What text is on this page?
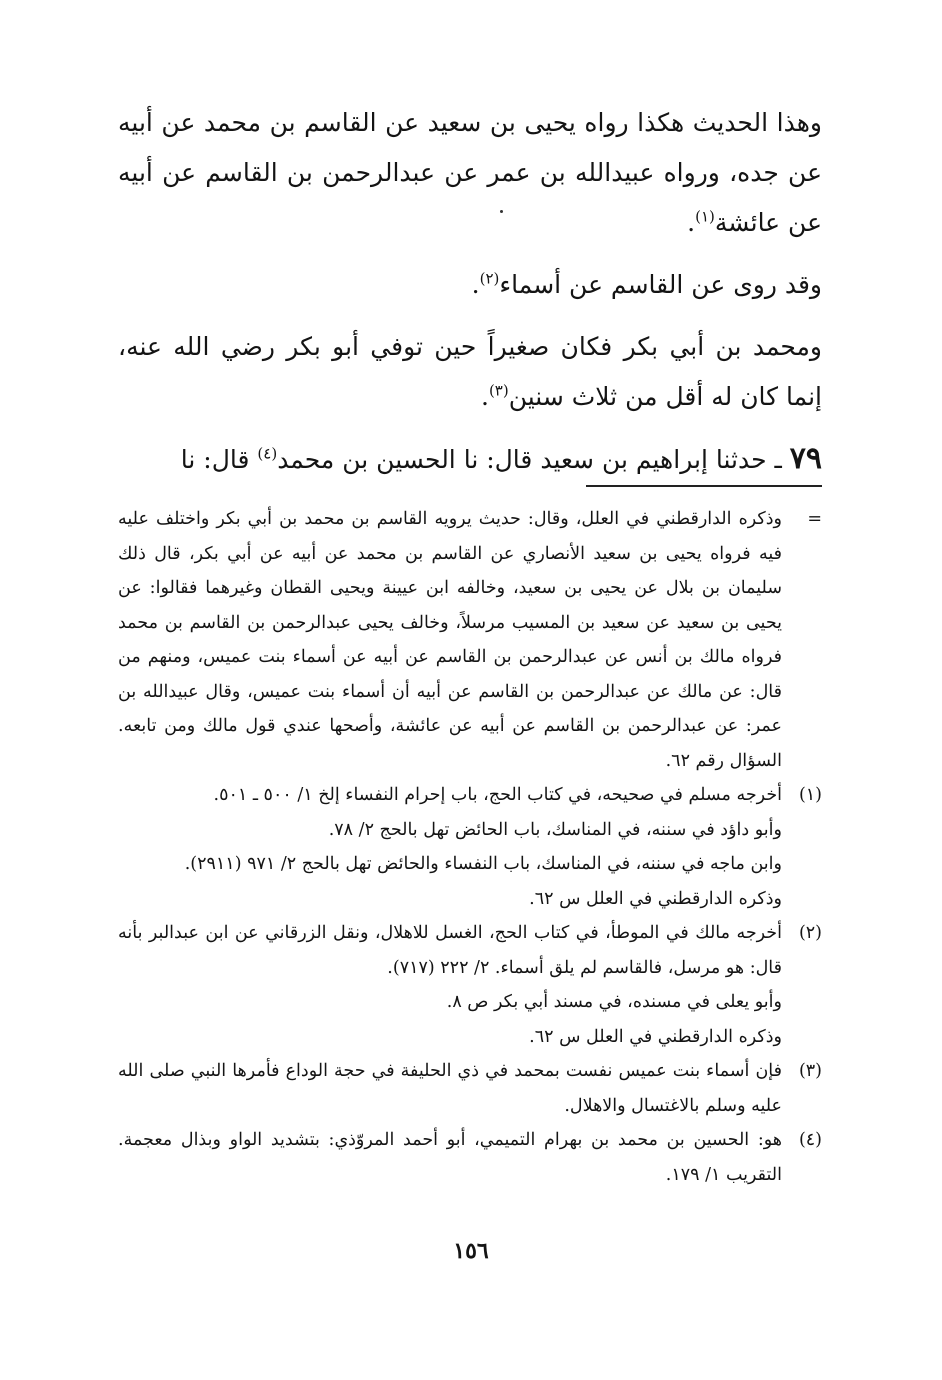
وهذا الحديث هكذا رواه يحيى بن سعيد عن القاسم بن محمد عن أبيه عن جده، ورواه عبيدالله بن عمر عن عبدالرحمن بن القاسم عن أبيه عن عائشة$^{(١)}$.

وقد روى عن القاسم عن أسماء$^{(٢)}$.

ومحمد بن أبي بكر فكان صغيراً حين توفي أبو بكر رضي الله عنه، إنما كان له أقل من ثلاث سنين$^{(٣)}$.

٧٩ ـ حدثنا إبراهيم بن سعيد قال: نا الحسين بن محمد$^{(٤)}$ قال: نا

=

وذكره الدارقطني في العلل، وقال: حديث يرويه القاسم بن محمد بن أبي بكر واختلف عليه فيه فرواه يحيى بن سعيد الأنصاري عن القاسم بن محمد عن أبيه عن أبي بكر، قال ذلك سليمان بن بلال عن يحيى بن سعيد، وخالفه ابن عيينة ويحيى القطان وغيرهما فقالوا: عن يحيى بن سعيد عن سعيد بن المسيب مرسلاً، وخالف يحيى عبدالرحمن بن القاسم بن محمد فرواه مالك بن أنس عن عبدالرحمن بن القاسم عن أبيه عن أسماء بنت عميس، ومنهم من قال: عن مالك عن عبدالرحمن بن القاسم عن أبيه أن أسماء بنت عميس، وقال عبيدالله بن عمر: عن عبدالرحمن بن القاسم عن أبيه عن عائشة، وأصحها عندي قول مالك ومن تابعه. السؤال رقم ٦٢.

(١)

أخرجه مسلم في صحيحه، في كتاب الحج، باب إحرام النفساء إلخ ١/ ٥٠٠ ـ ٥٠١.

وأبو داؤد في سننه، في المناسك، باب الحائض تهل بالحج ٢/ ٧٨.

وابن ماجه في سننه، في المناسك، باب النفساء والحائض تهل بالحج ٢/ ٩٧١ (٢٩١١).

وذكره الدارقطني في العلل س ٦٢.

(٢)

أخرجه مالك في الموطأ، في كتاب الحج، الغسل للاهلال، ونقل الزرقاني عن ابن عبدالبر بأنه قال: هو مرسل، فالقاسم لم يلق أسماء. ٢/ ٢٢٢ (٧١٧).

وأبو يعلى في مسنده، في مسند أبي بكر ص ٨.

وذكره الدارقطني في العلل س ٦٢.

(٣)

فإن أسماء بنت عميس نفست بمحمد في ذي الحليفة في حجة الوداع فأمرها النبي صلى الله عليه وسلم بالاغتسال والاهلال.

(٤)

هو: الحسين بن محمد بن بهرام التميمي، أبو أحمد المروّذي: بتشديد الواو وبذال معجمة. التقريب ١/ ١٧٩.

١٥٦
